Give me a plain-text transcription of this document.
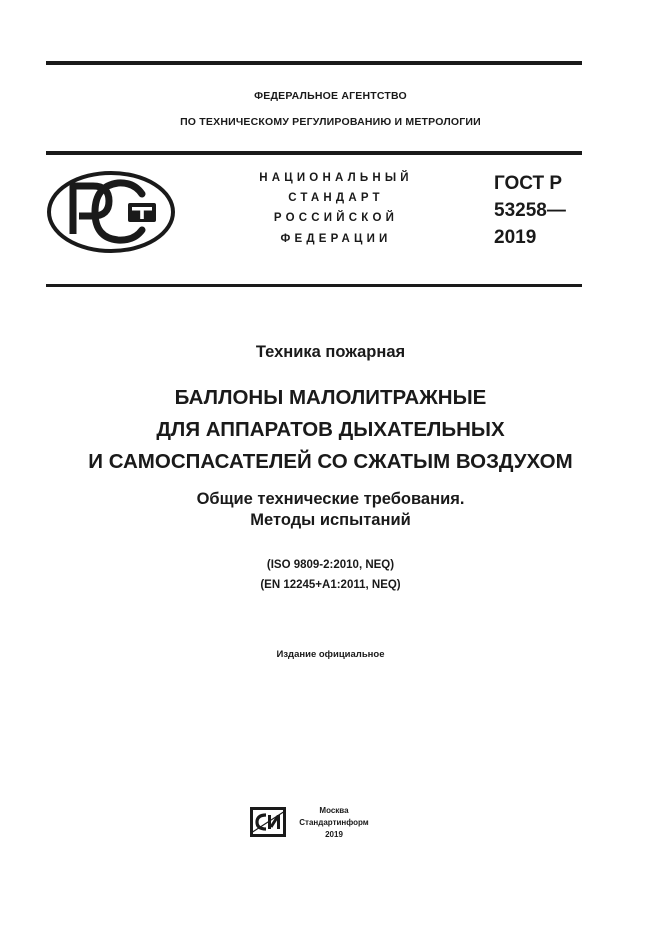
ФЕДЕРАЛЬНОЕ АГЕНТСТВО
ПО ТЕХНИЧЕСКОМУ РЕГУЛИРОВАНИЮ И МЕТРОЛОГИИ
НАЦИОНАЛЬНЫЙ
СТАНДАРТ
РОССИЙСКОЙ
ФЕДЕРАЦИИ
ГОСТ Р
53258—
2019
Техника пожарная
БАЛЛОНЫ МАЛОЛИТРАЖНЫЕ
ДЛЯ АППАРАТОВ ДЫХАТЕЛЬНЫХ
И САМОСПАСАТЕЛЕЙ СО СЖАТЫМ ВОЗДУХОМ
Общие технические требования.
Методы испытаний
(ISO 9809-2:2010, NEQ)
(EN 12245+A1:2011, NEQ)
Издание официальное
Москва
Стандартинформ
2019
